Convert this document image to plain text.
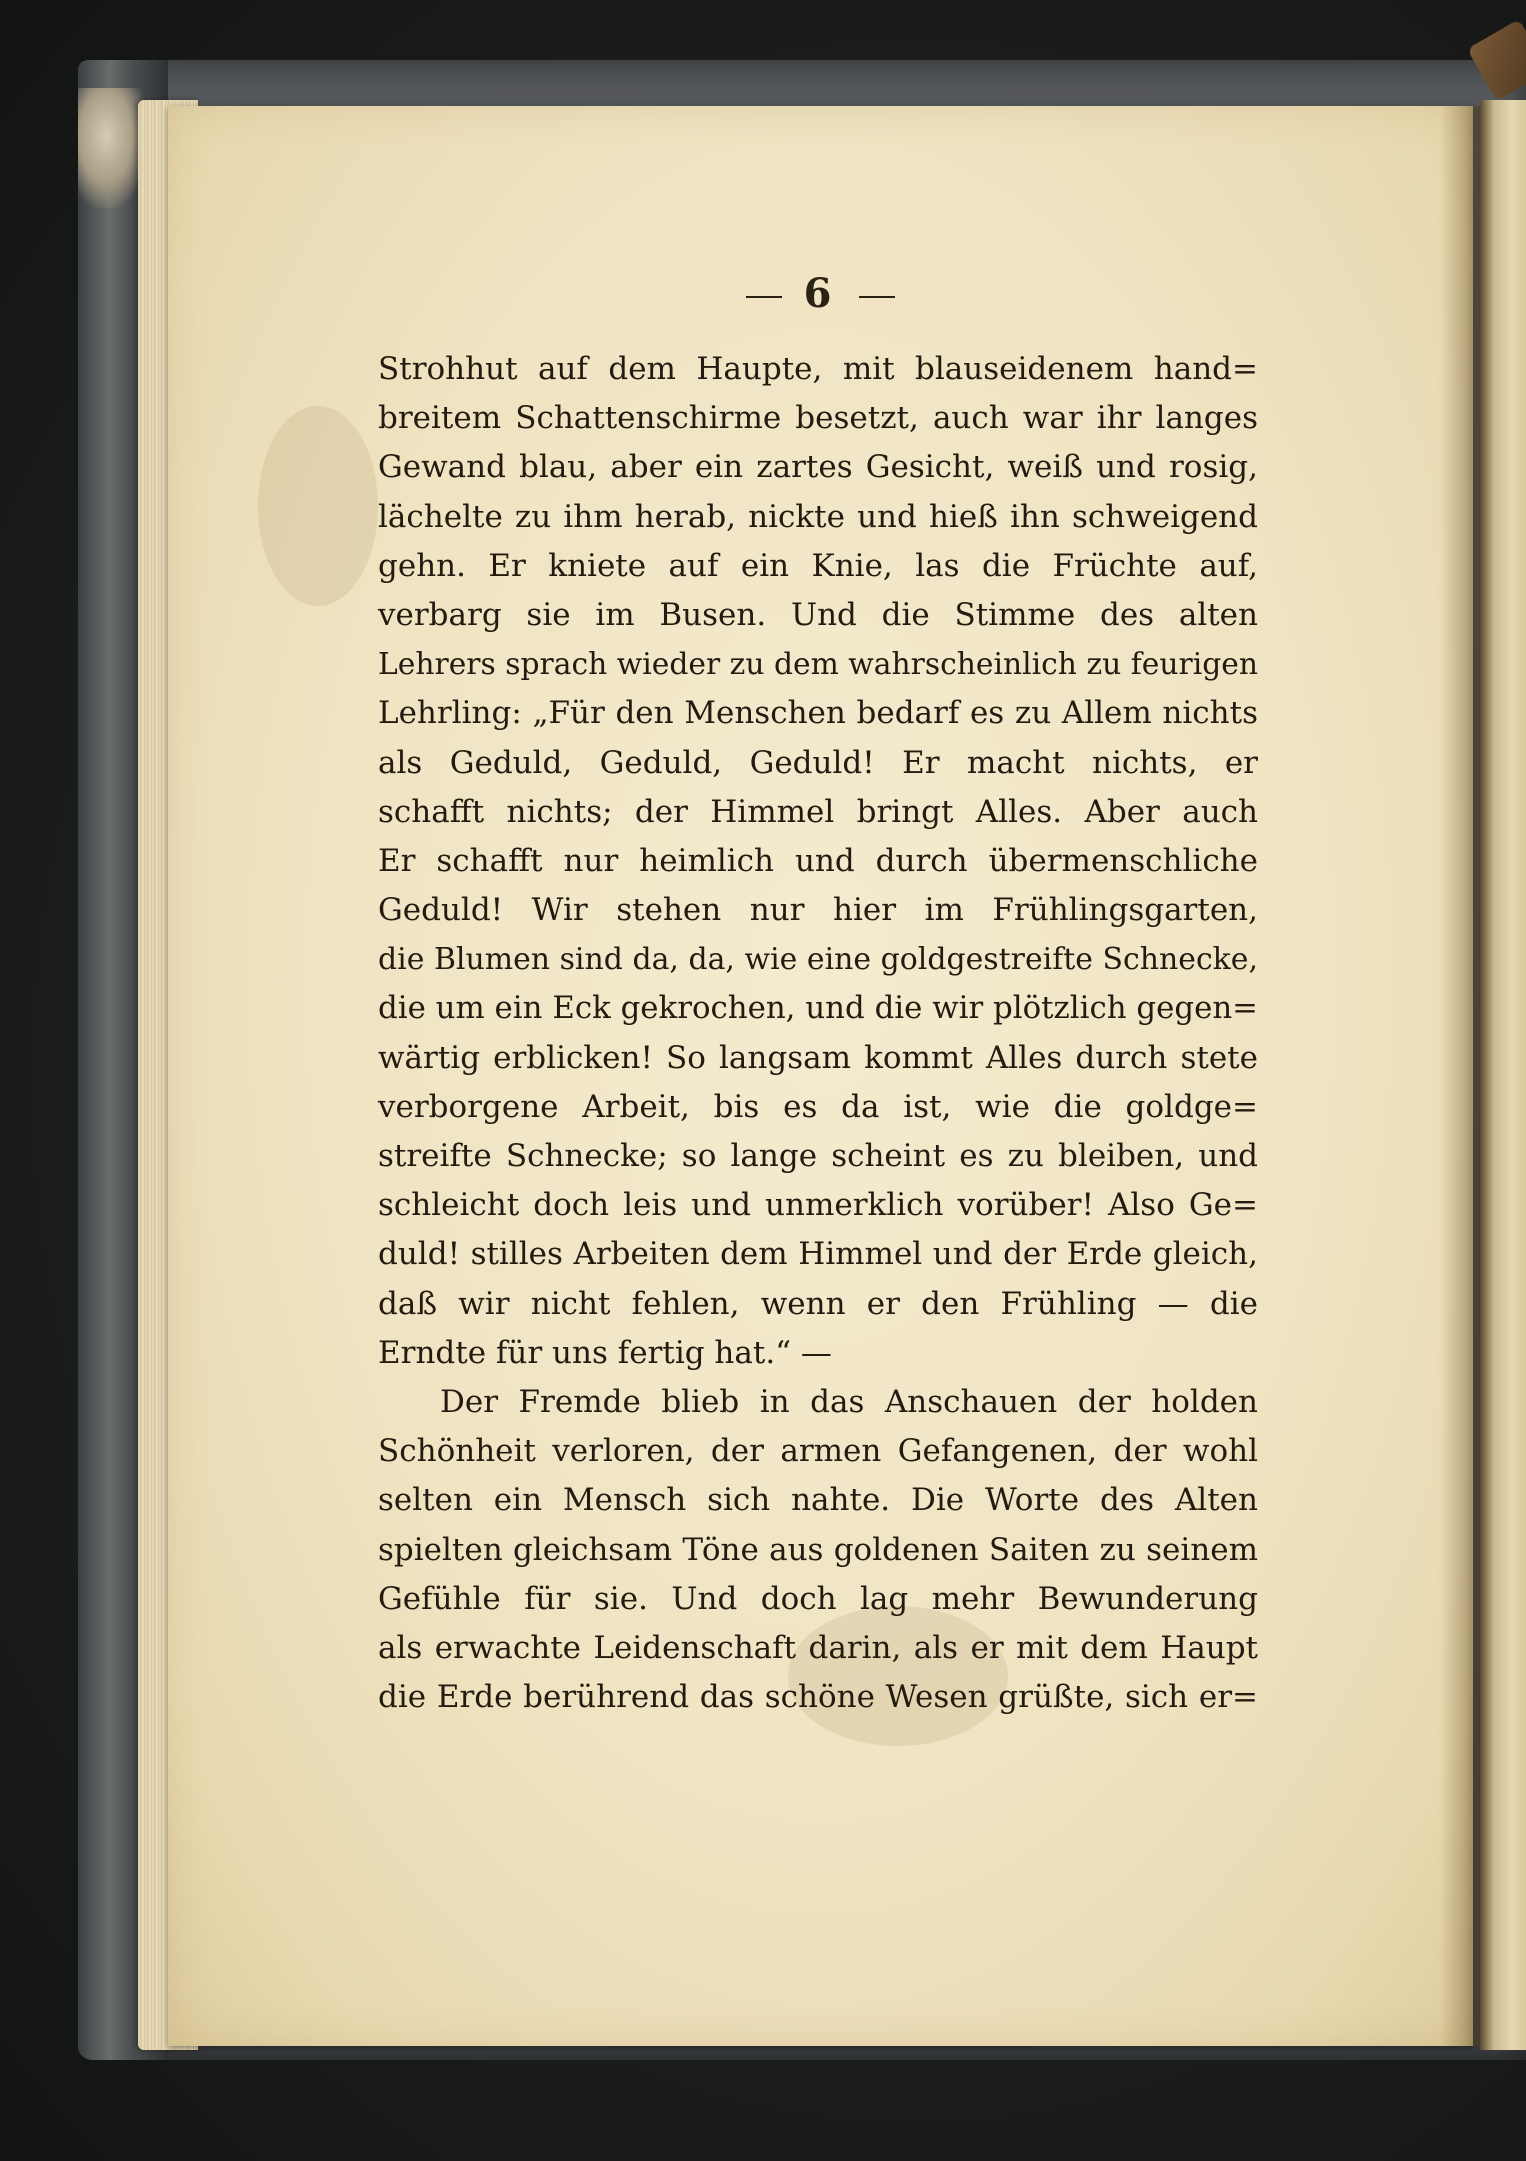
6
Strohhut auf dem Haupte, mit blauseidenem hand=
breitem Schattenschirme besetzt, auch war ihr langes
Gewand blau, aber ein zartes Gesicht, weiß und rosig,
lächelte zu ihm herab, nickte und hieß ihn schweigend
gehn. Er kniete auf ein Knie, las die Früchte auf,
verbarg sie im Busen. Und die Stimme des alten
Lehrers sprach wieder zu dem wahrscheinlich zu feurigen
Lehrling: „Für den Menschen bedarf es zu Allem nichts
als Geduld, Geduld, Geduld! Er macht nichts, er
schafft nichts; der Himmel bringt Alles. Aber auch
Er schafft nur heimlich und durch übermenschliche
Geduld! Wir stehen nur hier im Frühlingsgarten,
die Blumen sind da, da, wie eine goldgestreifte Schnecke,
die um ein Eck gekrochen, und die wir plötzlich gegen=
wärtig erblicken! So langsam kommt Alles durch stete
verborgene Arbeit, bis es da ist, wie die goldge=
streifte Schnecke; so lange scheint es zu bleiben, und
schleicht doch leis und unmerklich vorüber! Also Ge=
duld! stilles Arbeiten dem Himmel und der Erde gleich,
daß wir nicht fehlen, wenn er den Frühling — die
Erndte für uns fertig hat.“ —
Der Fremde blieb in das Anschauen der holden
Schönheit verloren, der armen Gefangenen, der wohl
selten ein Mensch sich nahte. Die Worte des Alten
spielten gleichsam Töne aus goldenen Saiten zu seinem
Gefühle für sie. Und doch lag mehr Bewunderung
als erwachte Leidenschaft darin, als er mit dem Haupt
die Erde berührend das schöne Wesen grüßte, sich er=
